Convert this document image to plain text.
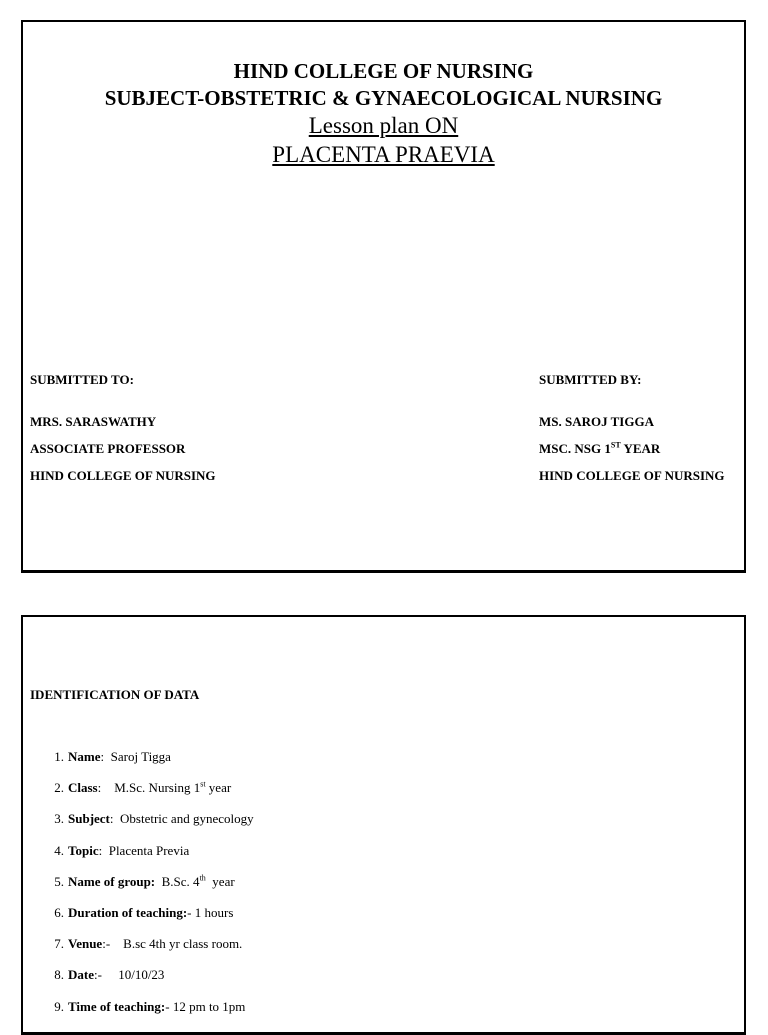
HIND COLLEGE OF NURSING
SUBJECT-OBSTETRIC & GYNAECOLOGICAL NURSING
Lesson plan ON
PLACENTA PRAEVIA
SUBMITTED TO:
MRS. SARASWATHY
ASSOCIATE PROFESSOR
HIND COLLEGE OF NURSING
SUBMITTED BY:
MS. SAROJ TIGGA
MSC. NSG 1ST YEAR
HIND COLLEGE OF NURSING
IDENTIFICATION OF DATA
1. Name:  Saroj Tigga
2. Class:    M.Sc. Nursing 1st year
3. Subject:  Obstetric and gynecology
4. Topic:  Placenta Previa
5. Name of group:  B.Sc. 4th  year
6. Duration of teaching:- 1 hours
7. Venue:-    B.sc 4th yr class room.
8. Date:-     10/10/23
9. Time of teaching:- 12 pm to 1pm
